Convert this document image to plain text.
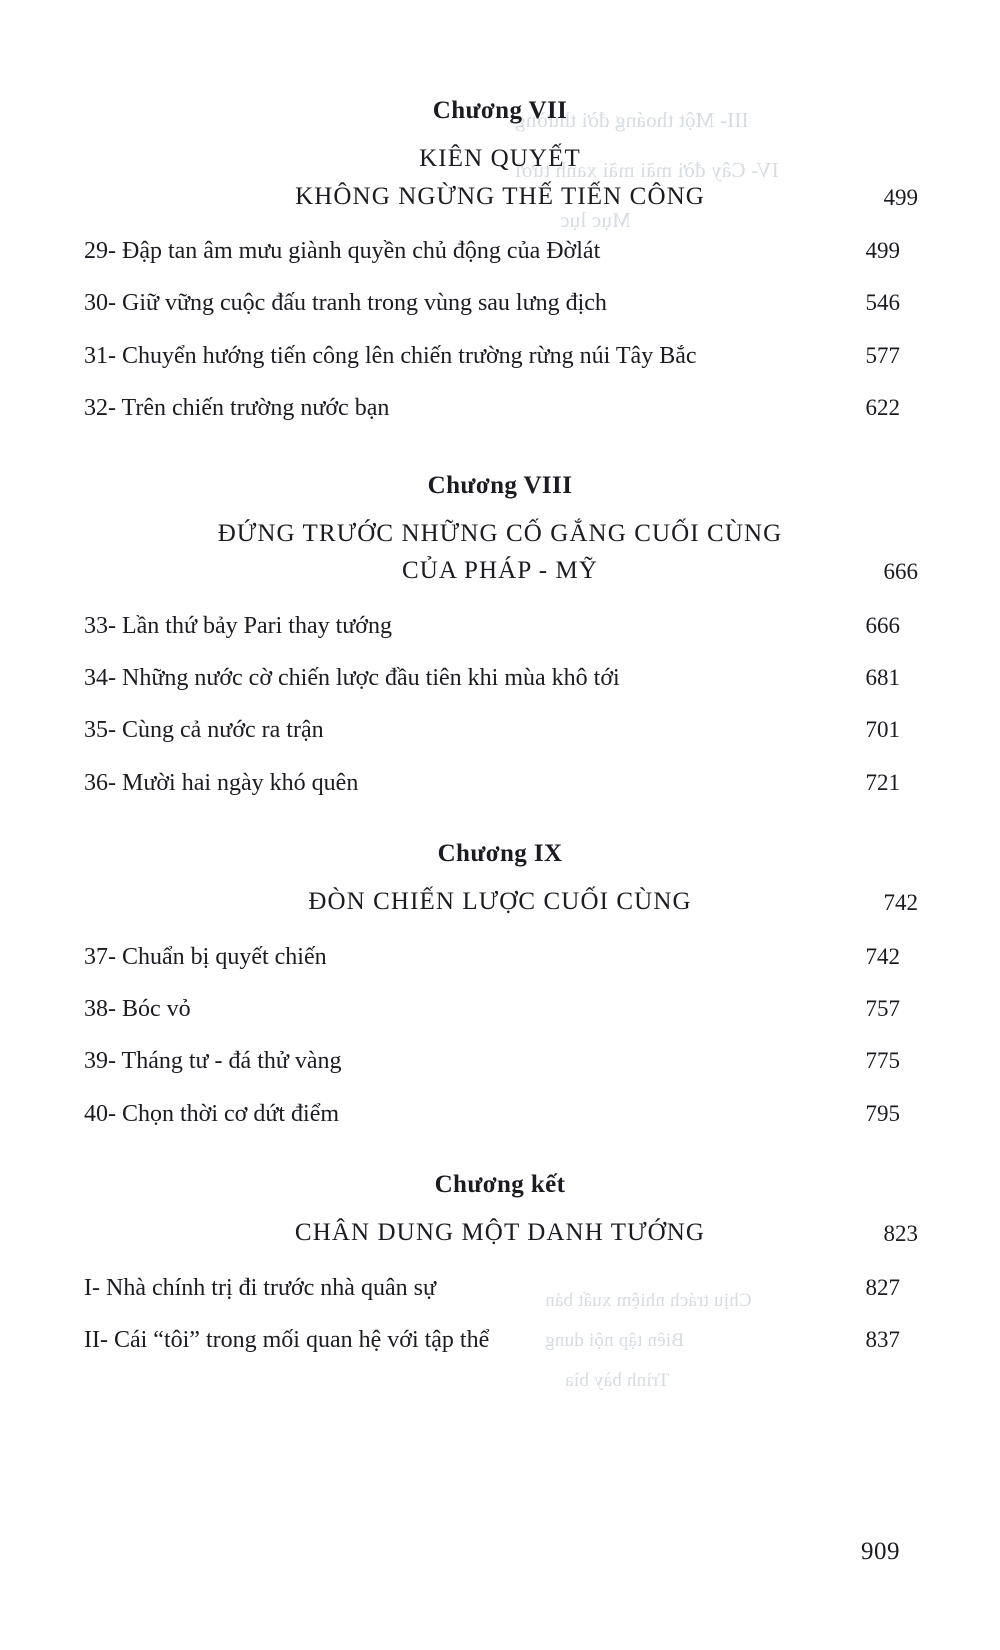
III- Một thoáng đời thường
IV- Cây đời mãi mãi xanh tươi
Mục lục
Chịu trách nhiệm xuất bản
Biên tập nội dung
Trình bày bìa
Chương VII
KIÊN QUYẾT
KHÔNG NGỪNG THẾ TIẾN CÔNG	499
29- Đập tan âm mưu giành quyền chủ động của Đờlát	499
30- Giữ vững cuộc đấu tranh trong vùng sau lưng địch	546
31- Chuyển hướng tiến công lên chiến trường rừng núi Tây Bắc	577
32- Trên chiến trường nước bạn	622
Chương VIII
ĐỨNG TRƯỚC NHỮNG CỐ GẮNG CUỐI CÙNG
CỦA PHÁP - MỸ	666
33- Lần thứ bảy Pari thay tướng	666
34- Những nước cờ chiến lược đầu tiên khi mùa khô tới	681
35- Cùng cả nước ra trận	701
36- Mười hai ngày khó quên	721
Chương IX
ĐÒN CHIẾN LƯỢC CUỐI CÙNG	742
37- Chuẩn bị quyết chiến	742
38- Bóc vỏ	757
39- Tháng tư - đá thử vàng	775
40- Chọn thời cơ dứt điểm	795
Chương kết
CHÂN DUNG MỘT DANH TƯỚNG	823
I- Nhà chính trị đi trước nhà quân sự	827
II- Cái “tôi” trong mối quan hệ với tập thể	837
909
